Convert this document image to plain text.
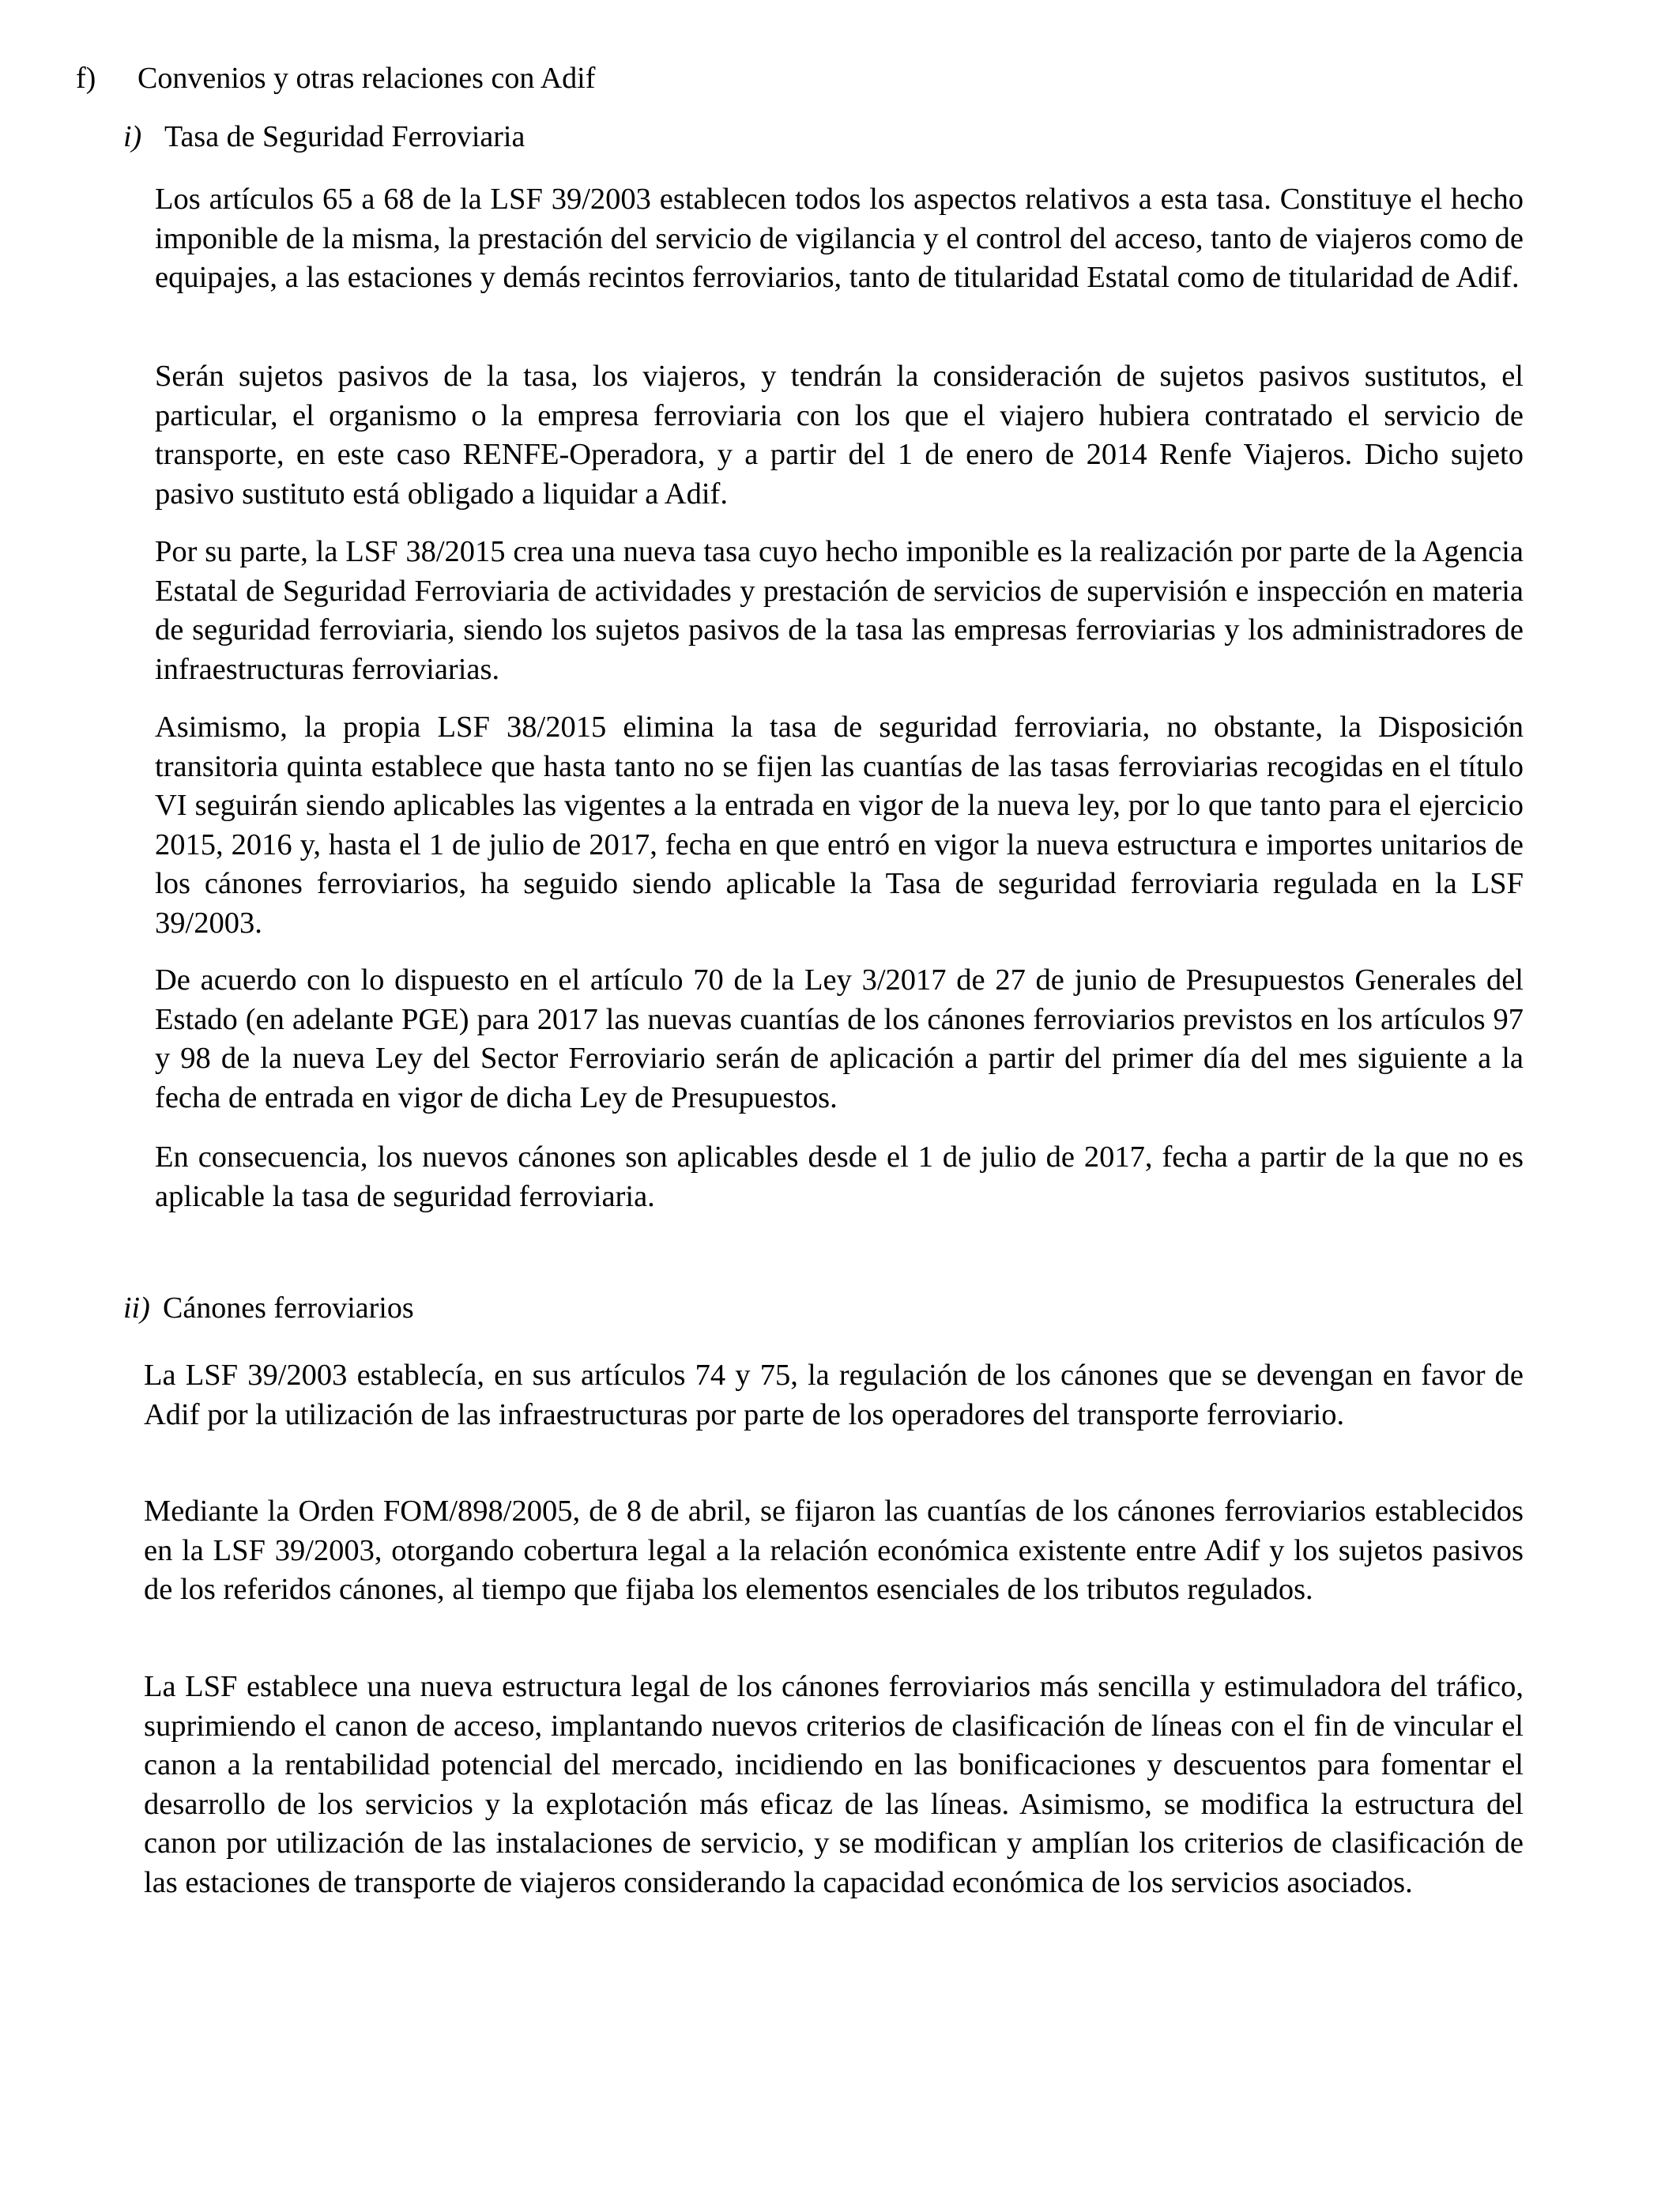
f) Convenios y otras relaciones con Adif
i) Tasa de Seguridad Ferroviaria

Los artículos 65 a 68 de la LSF 39/2003 establecen todos los aspectos relativos a esta tasa. Constituye el hecho imponible de la misma, la prestación del servicio de vigilancia y el control del acceso, tanto de viajeros como de equipajes, a las estaciones y demás recintos ferroviarios, tanto de titularidad Estatal como de titularidad de Adif.

Serán sujetos pasivos de la tasa, los viajeros, y tendrán la consideración de sujetos pasivos sustitutos, el particular, el organismo o la empresa ferroviaria con los que el viajero hubiera contratado el servicio de transporte, en este caso RENFE-Operadora, y a partir del 1 de enero de 2014 Renfe Viajeros. Dicho sujeto pasivo sustituto está obligado a liquidar a Adif.

Por su parte, la LSF 38/2015 crea una nueva tasa cuyo hecho imponible es la realización por parte de la Agencia Estatal de Seguridad Ferroviaria de actividades y prestación de servicios de supervisión e inspección en materia de seguridad ferroviaria, siendo los sujetos pasivos de la tasa las empresas ferroviarias y los administradores de infraestructuras ferroviarias.

Asimismo, la propia LSF 38/2015 elimina la tasa de seguridad ferroviaria, no obstante, la Disposición transitoria quinta establece que hasta tanto no se fijen las cuantías de las tasas ferroviarias recogidas en el título VI seguirán siendo aplicables las vigentes a la entrada en vigor de la nueva ley, por lo que tanto para el ejercicio 2015, 2016 y, hasta el 1 de julio de 2017, fecha en que entró en vigor la nueva estructura e importes unitarios de los cánones ferroviarios, ha seguido siendo aplicable la Tasa de seguridad ferroviaria regulada en la LSF 39/2003.

De acuerdo con lo dispuesto en el artículo 70 de la Ley 3/2017 de 27 de junio de Presupuestos Generales del Estado (en adelante PGE) para 2017 las nuevas cuantías de los cánones ferroviarios previstos en los artículos 97 y 98 de la nueva Ley del Sector Ferroviario serán de aplicación a partir del primer día del mes siguiente a la fecha de entrada en vigor de dicha Ley de Presupuestos.

En consecuencia, los nuevos cánones son aplicables desde el 1 de julio de 2017, fecha a partir de la que no es aplicable la tasa de seguridad ferroviaria.

ii) Cánones ferroviarios

La LSF 39/2003 establecía, en sus artículos 74 y 75, la regulación de los cánones que se devengan en favor de Adif por la utilización de las infraestructuras por parte de los operadores del transporte ferroviario.

Mediante la Orden FOM/898/2005, de 8 de abril, se fijaron las cuantías de los cánones ferroviarios establecidos en la LSF 39/2003, otorgando cobertura legal a la relación económica existente entre Adif y los sujetos pasivos de los referidos cánones, al tiempo que fijaba los elementos esenciales de los tributos regulados.

La LSF establece una nueva estructura legal de los cánones ferroviarios más sencilla y estimuladora del tráfico, suprimiendo el canon de acceso, implantando nuevos criterios de clasificación de líneas con el fin de vincular el canon a la rentabilidad potencial del mercado, incidiendo en las bonificaciones y descuentos para fomentar el desarrollo de los servicios y la explotación más eficaz de las líneas. Asimismo, se modifica la estructura del canon por utilización de las instalaciones de servicio, y se modifican y amplían los criterios de clasificación de las estaciones de transporte de viajeros considerando la capacidad económica de los servicios asociados.
